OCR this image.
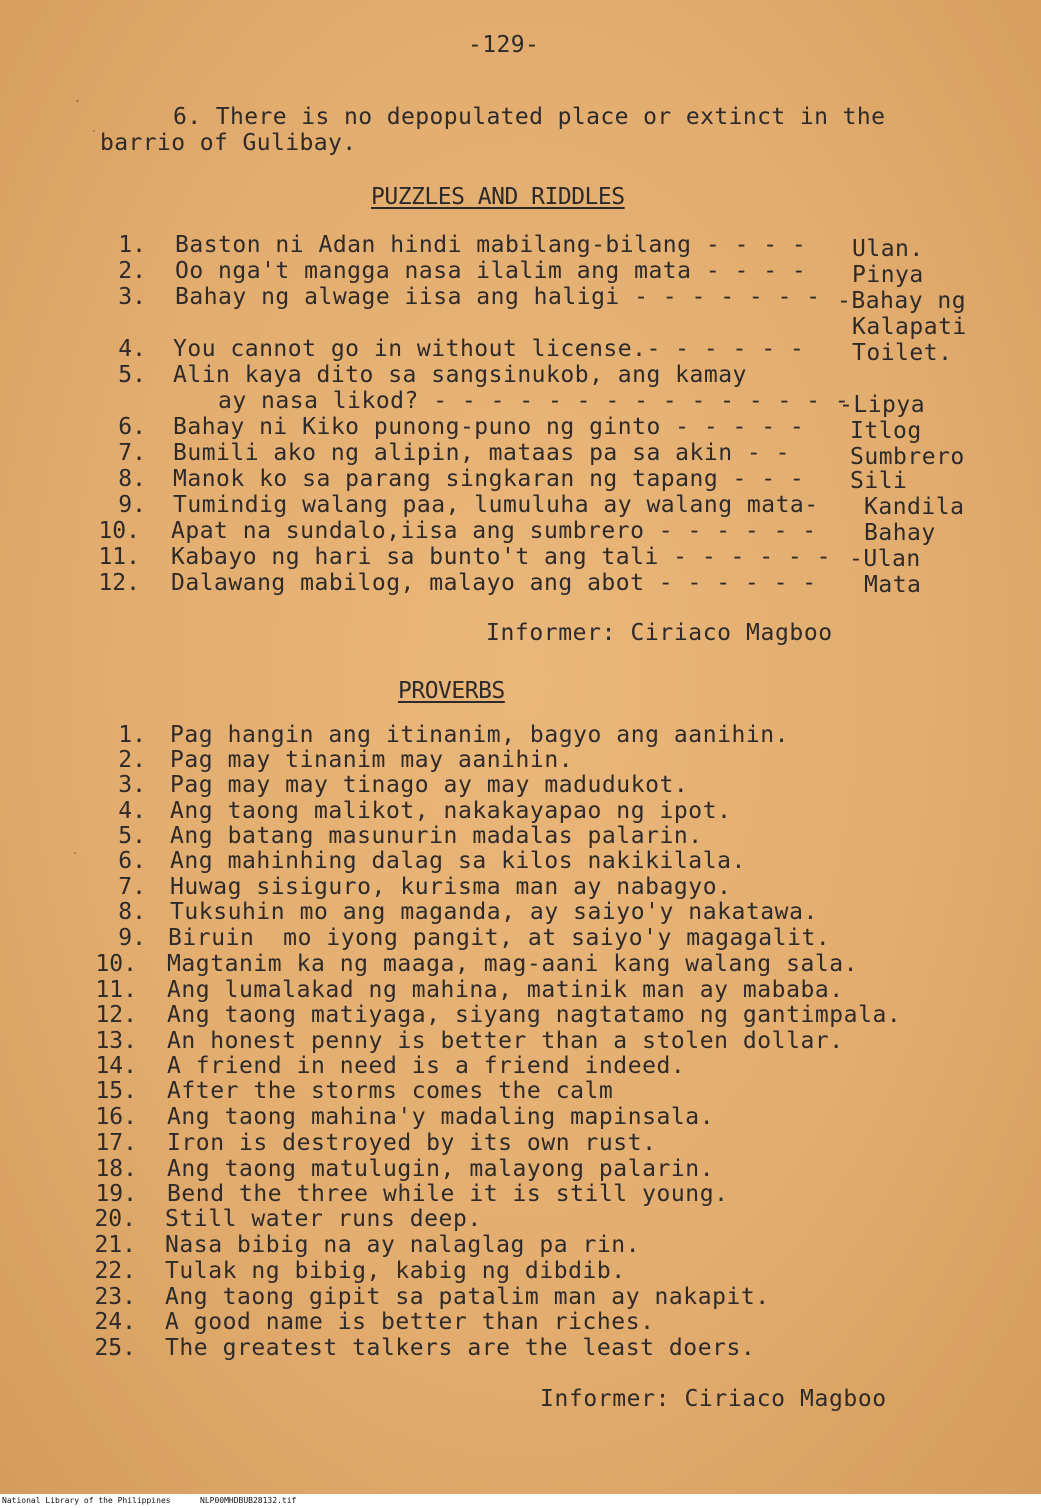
-129-
6. There is no depopulated place or extinct in the
barrio of Gulibay.
PUZZLES AND RIDDLES
1. Baston ni Adan hindi mabilang-bilang - - - - Ulan.
2. Oo nga't mangga nasa ilalim ang mata - - - - Pinya
3. Bahay ng alwage iisa ang haligi - - - - - - - -Bahay ng
Kalapati
4. You cannot go in without license.- - - - - - Toilet.
5. Alin kaya dito sa sangsinukob, ang kamay
ay nasa likod? - - - - - - - - - - - - - - -
-Lipya
6. Bahay ni Kiko punong-puno ng ginto - - - - - Itlog
7. Bumili ako ng alipin, mataas pa sa akin - -	Sumbrero
8. Manok ko sa parang singkaran ng tapang - - - Sili
9. Tumindig walang paa, lumuluha ay walang mata- Kandila
10. Apat na sundalo,iisa ang sumbrero - - - - - - Bahay
11. Kabayo ng hari sa bunto't ang tali - - - - - - -Ulan
12. Dalawang mabilog, malayo ang abot - - - - - - Mata
Informer: Ciriaco Magboo
PROVERBS
1. Pag hangin ang itinanim, bagyo ang aanihin.
2. Pag may tinanim may aanihin.
3. Pag may may tinago ay may madudukot.
4. Ang taong malikot, nakakayapao ng ipot.
5. Ang batang masunurin madalas palarin.
6. Ang mahinhing dalag sa kilos nakikilala.
7. Huwag sisiguro, kurisma man ay nabagyo.
8. Tuksuhin mo ang maganda, ay saiyo'y nakatawa.
9. Biruin  mo iyong pangit, at saiyo'y magagalit.
10. Magtanim ka ng maaga, mag-aani kang walang sala.
11. Ang lumalakad ng mahina, matinik man ay mababa.
12. Ang taong matiyaga, siyang nagtatamo ng gantimpala.
13. An honest penny is better than a stolen dollar.
14. A friend in need is a friend indeed.
15. After the storms comes the calm
16. Ang taong mahina'y madaling mapinsala.
17. Iron is destroyed by its own rust.
18. Ang taong matulugin, malayong palarin.
19. Bend the three while it is still young.
20. Still water runs deep.
21. Nasa bibig na ay nalaglag pa rin.
22. Tulak ng bibig, kabig ng dibdib.
23. Ang taong gipit sa patalim man ay nakapit.
24. A good name is better than riches.
25. The greatest talkers are the least doers.
Informer: Ciriaco Magboo
National Library of the Philippines	NLP00MHDBUB28132.tif
